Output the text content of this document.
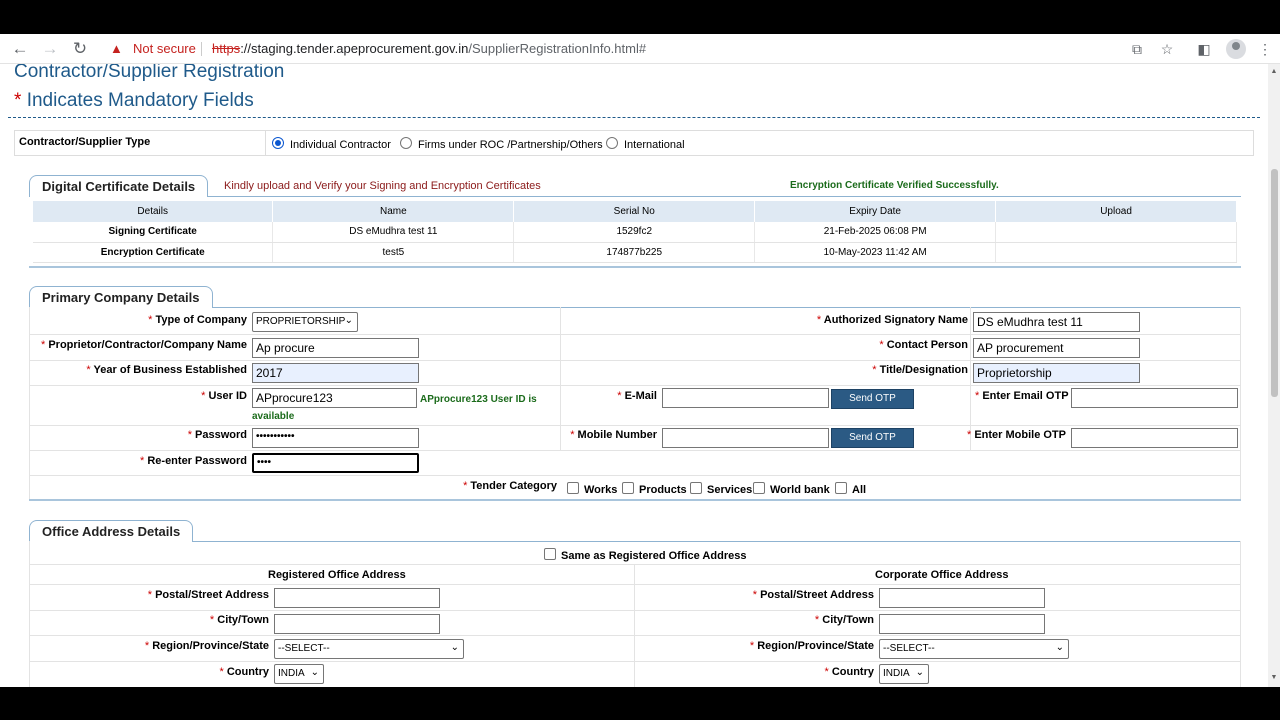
← → ↻ ▲ Not secure https://staging.tender.apeprocurement.gov.in/SupplierRegistrationInfo.html#	⧉ ☆ ◧	⋮
Contractor/Supplier Registration
* Indicates Mandatory Fields
Contractor/Supplier Type	Individual Contractor Firms under ROC /Partnership/Others International
Digital Certificate Details	Kindly upload and Verify your Signing and Encryption Certificates	Encryption Certificate Verified Successfully.
Details	Name	Serial No	Expiry Date	Upload
Signing Certificate	DS eMudhra test 11	1529fc2	21-Feb-2025 06:08 PM	
Encryption Certificate	test5	174877b225	10-May-2023 11:42 AM	
Primary Company Details
* Type of Company PROPRIETORSHIP ⌄
* Proprietor/Contractor/Company Name Ap procure
* Year of Business Established 2017
* User ID APprocure123	APprocure123 User ID is available
* Password •••••••••••
* Re-enter Password	••••
* Authorized Signatory Name DS eMudhra test 11
* Contact Person AP procurement
* Title/Designation Proprietorship
* E-Mail	Send OTP	* Enter Email OTP
* Mobile Number	Send OTP	* Enter Mobile OTP
* Tender Category Works Products Services World bank All
Office Address Details
Same as Registered Office Address
Registered Office Address	Corporate Office Address
* Postal/Street Address
* City/Town
* Region/Province/State --SELECT--	⌄
* Country INDIA ⌄
* Postal/Street Address
* City/Town
* Region/Province/State --SELECT--	⌄
* Country INDIA ⌄
▲
▼
